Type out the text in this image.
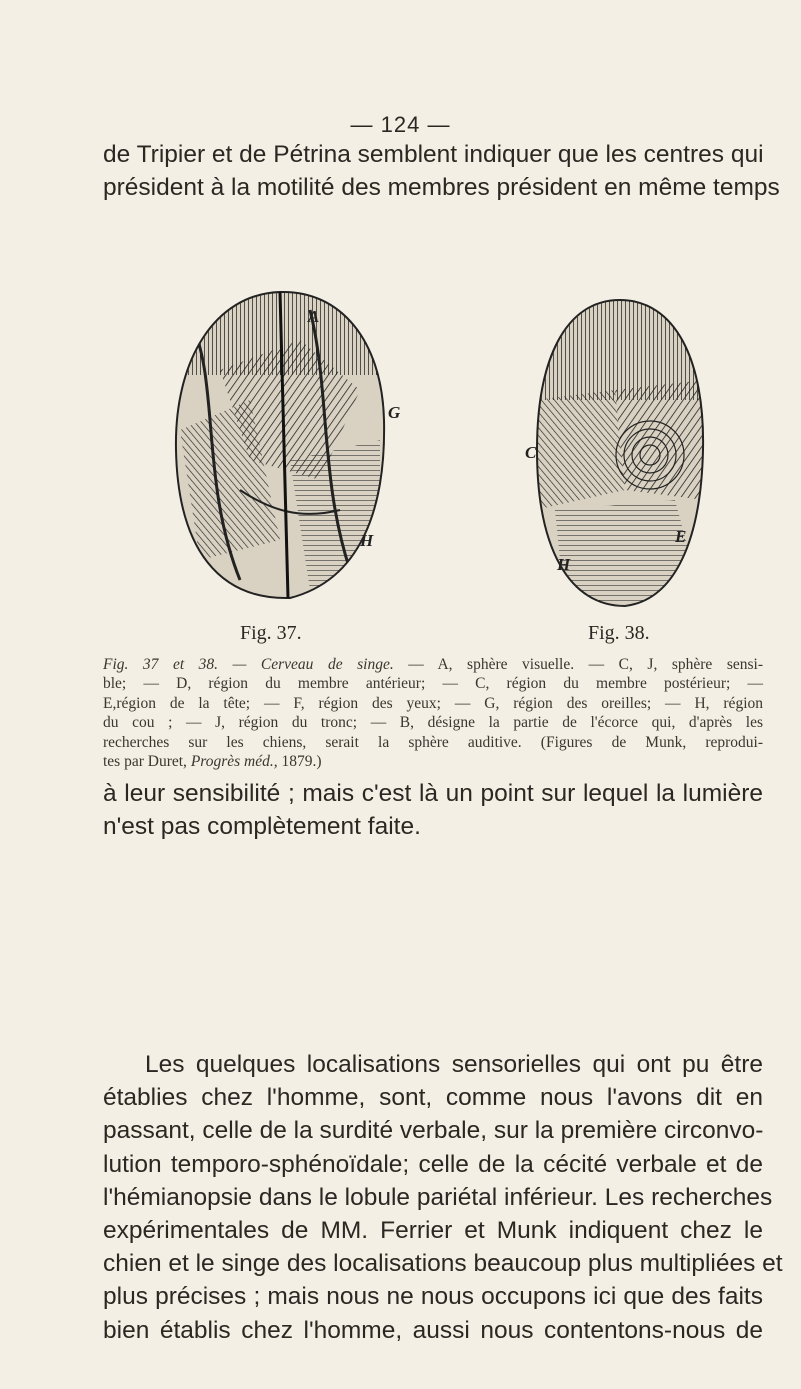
— 124 —
de Tripier et de Pétrina semblent indiquer que les centres qui
président à la motilité des membres président en même temps
A
G
H
C
E
H
Fig. 37.	Fig. 38.
Fig. 37 et 38. — Cerveau de singe. — A, sphère visuelle. — C, J, sphère sensi-
ble; — D, région du membre antérieur; — C, région du membre postérieur; —
E,région de la tête; — F, région des yeux; — G, région des oreilles; — H, région
du cou ; — J, région du tronc; — B, désigne la partie de l'écorce qui, d'après les
recherches sur les chiens, serait la sphère auditive. (Figures de Munk, reprodui-
tes par Duret, Progrès méd., 1879.)
à leur sensibilité ; mais c'est là un point sur lequel la lumière
n'est pas complètement faite.
Les quelques localisations sensorielles qui ont pu être
établies chez l'homme, sont, comme nous l'avons dit en
passant, celle de la surdité verbale, sur la première circonvo-
lution temporo-sphénoïdale; celle de la cécité verbale et de
l'hémianopsie dans le lobule pariétal inférieur. Les recherches
expérimentales de MM. Ferrier et Munk indiquent chez le
chien et le singe des localisations beaucoup plus multipliées et
plus précises ; mais nous ne nous occupons ici que des faits
bien établis chez l'homme, aussi nous contentons-nous de
